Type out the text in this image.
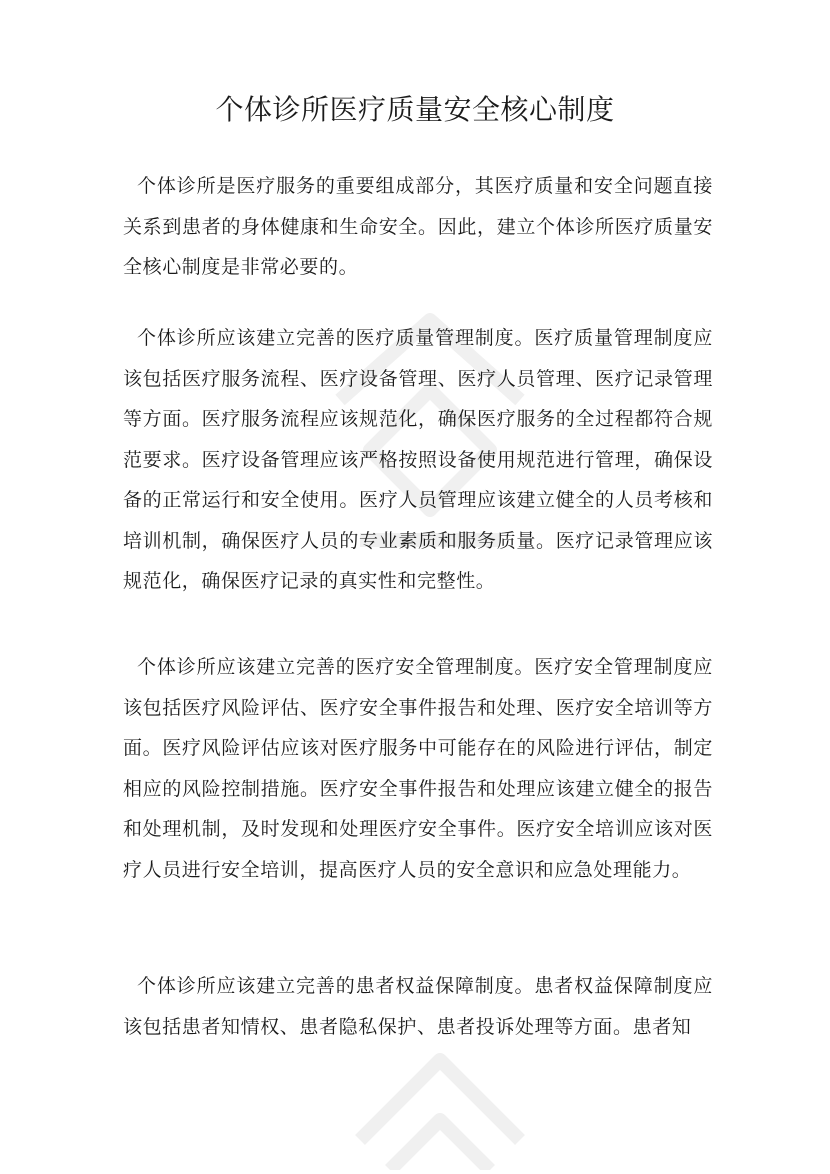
个体诊所医疗质量安全核心制度

个体诊所是医疗服务的重要组成部分，其医疗质量和安全问题直接关系到患者的身体健康和生命安全。因此，建立个体诊所医疗质量安全核心制度是非常必要的。

个体诊所应该建立完善的医疗质量管理制度。医疗质量管理制度应该包括医疗服务流程、医疗设备管理、医疗人员管理、医疗记录管理等方面。医疗服务流程应该规范化，确保医疗服务的全过程都符合规范要求。医疗设备管理应该严格按照设备使用规范进行管理，确保设备的正常运行和安全使用。医疗人员管理应该建立健全的人员考核和培训机制，确保医疗人员的专业素质和服务质量。医疗记录管理应该规范化，确保医疗记录的真实性和完整性。

个体诊所应该建立完善的医疗安全管理制度。医疗安全管理制度应该包括医疗风险评估、医疗安全事件报告和处理、医疗安全培训等方面。医疗风险评估应该对医疗服务中可能存在的风险进行评估，制定相应的风险控制措施。医疗安全事件报告和处理应该建立健全的报告和处理机制，及时发现和处理医疗安全事件。医疗安全培训应该对医疗人员进行安全培训，提高医疗人员的安全意识和应急处理能力。

个体诊所应该建立完善的患者权益保障制度。患者权益保障制度应该包括患者知情权、患者隐私保护、患者投诉处理等方面。患者知
